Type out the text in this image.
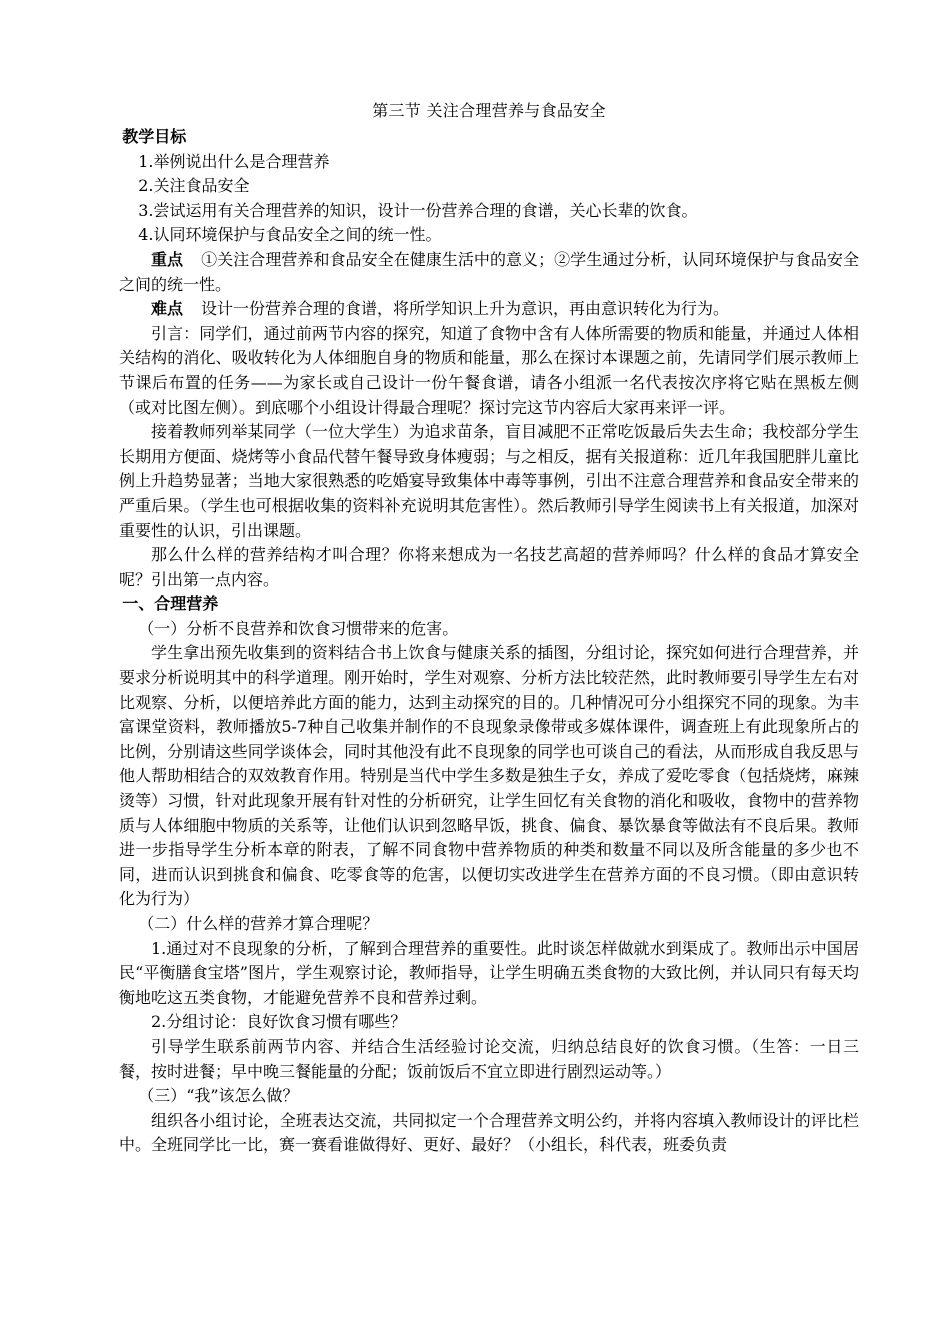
第三节 关注合理营养与食品安全

教学目标

1.举例说出什么是合理营养

2.关注食品安全

3.尝试运用有关合理营养的知识，设计一份营养合理的食谱，关心长辈的饮食。

4.认同环境保护与食品安全之间的统一性。

重点 ①关注合理营养和食品安全在健康生活中的意义；②学生通过分析，认同环境保护与食品安全之间的统一性。

难点 设计一份营养合理的食谱，将所学知识上升为意识，再由意识转化为行为。

引言：同学们，通过前两节内容的探究，知道了食物中含有人体所需要的物质和能量，并通过人体相关结构的消化、吸收转化为人体细胞自身的物质和能量，那么在探讨本课题之前，先请同学们展示教师上节课后布置的任务——为家长或自己设计一份午餐食谱，请各小组派一名代表按次序将它贴在黑板左侧（或对比图左侧）。到底哪个小组设计得最合理呢？探讨完这节内容后大家再来评一评。

接着教师列举某同学（一位大学生）为追求苗条，盲目减肥不正常吃饭最后失去生命；我校部分学生长期用方便面、烧烤等小食品代替午餐导致身体瘦弱；与之相反，据有关报道称：近几年我国肥胖儿童比例上升趋势显著；当地大家很熟悉的吃婚宴导致集体中毒等事例，引出不注意合理营养和食品安全带来的严重后果。（学生也可根据收集的资料补充说明其危害性）。然后教师引导学生阅读书上有关报道，加深对重要性的认识，引出课题。

那么什么样的营养结构才叫合理？你将来想成为一名技艺高超的营养师吗？什么样的食品才算安全呢？引出第一点内容。

一、合理营养

（一）分析不良营养和饮食习惯带来的危害。

学生拿出预先收集到的资料结合书上饮食与健康关系的插图，分组讨论，探究如何进行合理营养，并要求分析说明其中的科学道理。刚开始时，学生对观察、分析方法比较茫然，此时教师要引导学生左右对比观察、分析，以便培养此方面的能力，达到主动探究的目的。几种情况可分小组探究不同的现象。为丰富课堂资料，教师播放5-7种自己收集并制作的不良现象录像带或多媒体课件，调查班上有此现象所占的比例，分别请这些同学谈体会，同时其他没有此不良现象的同学也可谈自己的看法，从而形成自我反思与他人帮助相结合的双效教育作用。特别是当代中学生多数是独生子女，养成了爱吃零食（包括烧烤，麻辣烫等）习惯，针对此现象开展有针对性的分析研究，让学生回忆有关食物的消化和吸收，食物中的营养物质与人体细胞中物质的关系等，让他们认识到忽略早饭，挑食、偏食、暴饮暴食等做法有不良后果。教师进一步指导学生分析本章的附表，了解不同食物中营养物质的种类和数量不同以及所含能量的多少也不同，进而认识到挑食和偏食、吃零食等的危害，以便切实改进学生在营养方面的不良习惯。（即由意识转化为行为）

（二）什么样的营养才算合理呢？

1.通过对不良现象的分析，了解到合理营养的重要性。此时谈怎样做就水到渠成了。教师出示中国居民“平衡膳食宝塔”图片，学生观察讨论，教师指导，让学生明确五类食物的大致比例，并认同只有每天均衡地吃这五类食物，才能避免营养不良和营养过剩。

2.分组讨论：良好饮食习惯有哪些？

引导学生联系前两节内容、并结合生活经验讨论交流，归纳总结良好的饮食习惯。（生答：一日三餐，按时进餐；早中晚三餐能量的分配；饭前饭后不宜立即进行剧烈运动等。）

（三）“我”该怎么做？

组织各小组讨论，全班表达交流，共同拟定一个合理营养文明公约，并将内容填入教师设计的评比栏中。全班同学比一比，赛一赛看谁做得好、更好、最好？（小组长，科代表，班委负责
